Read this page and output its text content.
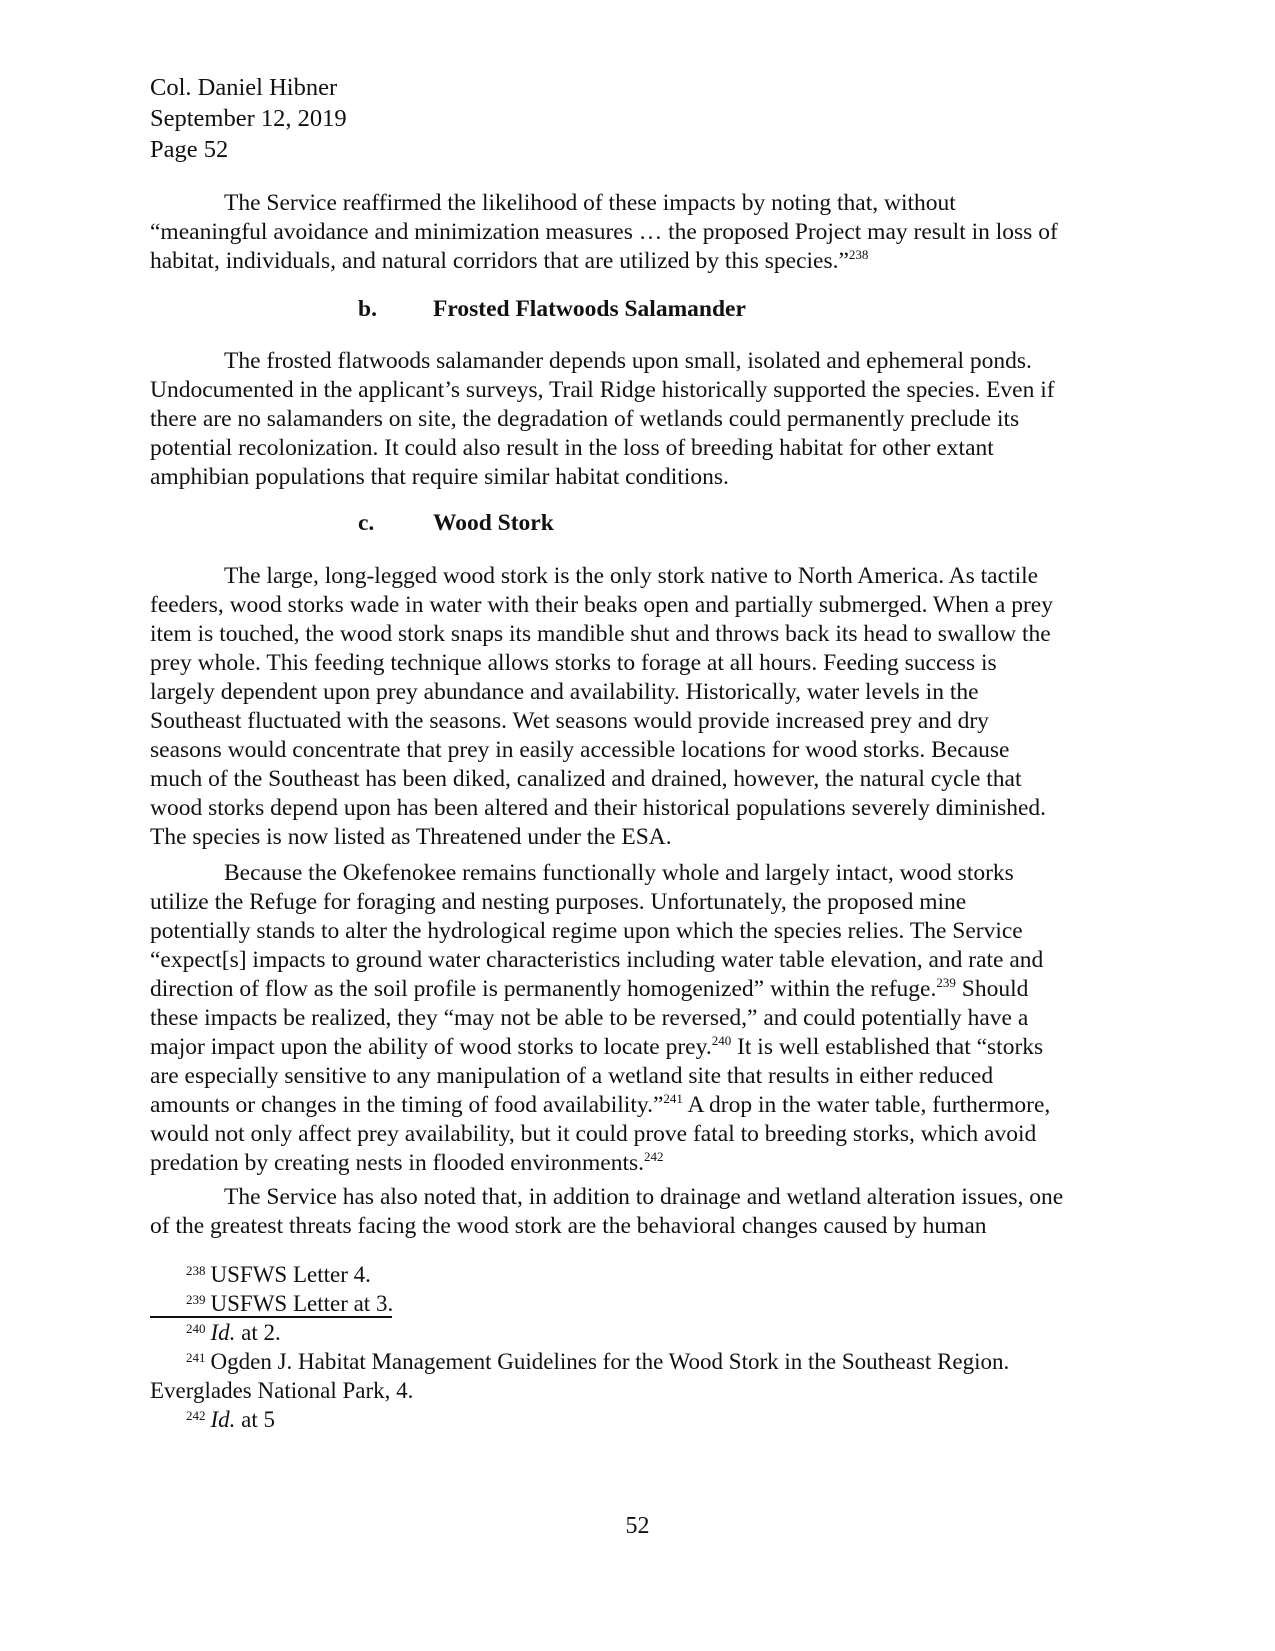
Col. Daniel Hibner
September 12, 2019
Page 52
The Service reaffirmed the likelihood of these impacts by noting that, without
“meaningful avoidance and minimization measures … the proposed Project may result in loss of
habitat, individuals, and natural corridors that are utilized by this species.”$^{238}$
b. Frosted Flatwoods Salamander
The frosted flatwoods salamander depends upon small, isolated and ephemeral ponds.
Undocumented in the applicant’s surveys, Trail Ridge historically supported the species. Even if
there are no salamanders on site, the degradation of wetlands could permanently preclude its
potential recolonization. It could also result in the loss of breeding habitat for other extant
amphibian populations that require similar habitat conditions.
c. Wood Stork
The large, long-legged wood stork is the only stork native to North America. As tactile
feeders, wood storks wade in water with their beaks open and partially submerged. When a prey
item is touched, the wood stork snaps its mandible shut and throws back its head to swallow the
prey whole. This feeding technique allows storks to forage at all hours. Feeding success is
largely dependent upon prey abundance and availability. Historically, water levels in the
Southeast fluctuated with the seasons. Wet seasons would provide increased prey and dry
seasons would concentrate that prey in easily accessible locations for wood storks. Because
much of the Southeast has been diked, canalized and drained, however, the natural cycle that
wood storks depend upon has been altered and their historical populations severely diminished.
The species is now listed as Threatened under the ESA.
Because the Okefenokee remains functionally whole and largely intact, wood storks
utilize the Refuge for foraging and nesting purposes. Unfortunately, the proposed mine
potentially stands to alter the hydrological regime upon which the species relies. The Service
“expect[s] impacts to ground water characteristics including water table elevation, and rate and
direction of flow as the soil profile is permanently homogenized” within the refuge.$^{239}$ Should
these impacts be realized, they “may not be able to be reversed,” and could potentially have a
major impact upon the ability of wood storks to locate prey.$^{240}$ It is well established that “storks
are especially sensitive to any manipulation of a wetland site that results in either reduced
amounts or changes in the timing of food availability.”$^{241}$ A drop in the water table, furthermore,
would not only affect prey availability, but it could prove fatal to breeding storks, which avoid
predation by creating nests in flooded environments.$^{242}$
The Service has also noted that, in addition to drainage and wetland alteration issues, one
of the greatest threats facing the wood stork are the behavioral changes caused by human
$^{238}$ USFWS Letter 4.
$^{239}$ USFWS Letter at 3.
$^{240}$ Id. at 2.
$^{241}$ Ogden J. Habitat Management Guidelines for the Wood Stork in the Southeast Region.
Everglades National Park, 4.
$^{242}$ Id. at 5
52
